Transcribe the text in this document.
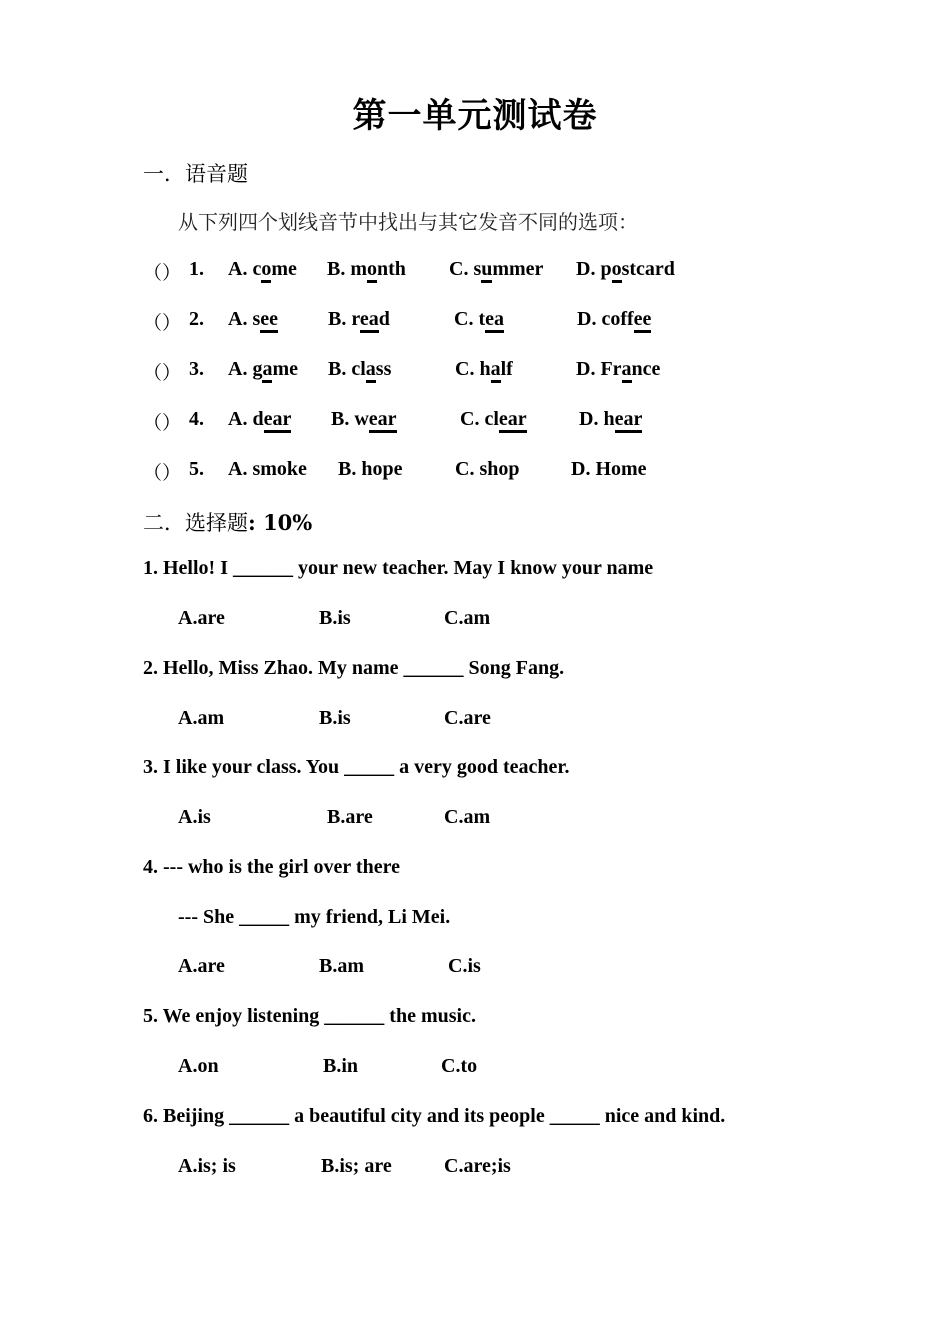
第一单元测试卷
一．语音题
从下列四个划线音节中找出与其它发音不同的选项：
（） 1. A. come B. month C. summer D. postcard
（） 2. A. see	B. read	C. tea	D. coffee
（） 3. A. game B. class	C. half	D. France
（） 4. A. dear B. wear	C. clear	D. hear
（） 5. A. smoke B. hope	C. shop	D. Home
二．选择题: 10%
1. Hello! I ______ your new teacher. May I know your name
A.are	B.is	C.am
2. Hello, Miss Zhao. My name ______ Song Fang.
A.am	B.is	C.are
3. I like your class. You _____ a very good teacher.
A.is	B.are	C.am
4. --- who is the girl over there
--- She _____ my friend, Li Mei.
A.are	B.am	C.is
5. We enjoy listening ______ the music.
A.on	B.in	C.to
6. Beijing ______ a beautiful city and its people _____ nice and kind.
A.is; is	B.is; are	C.are;is
